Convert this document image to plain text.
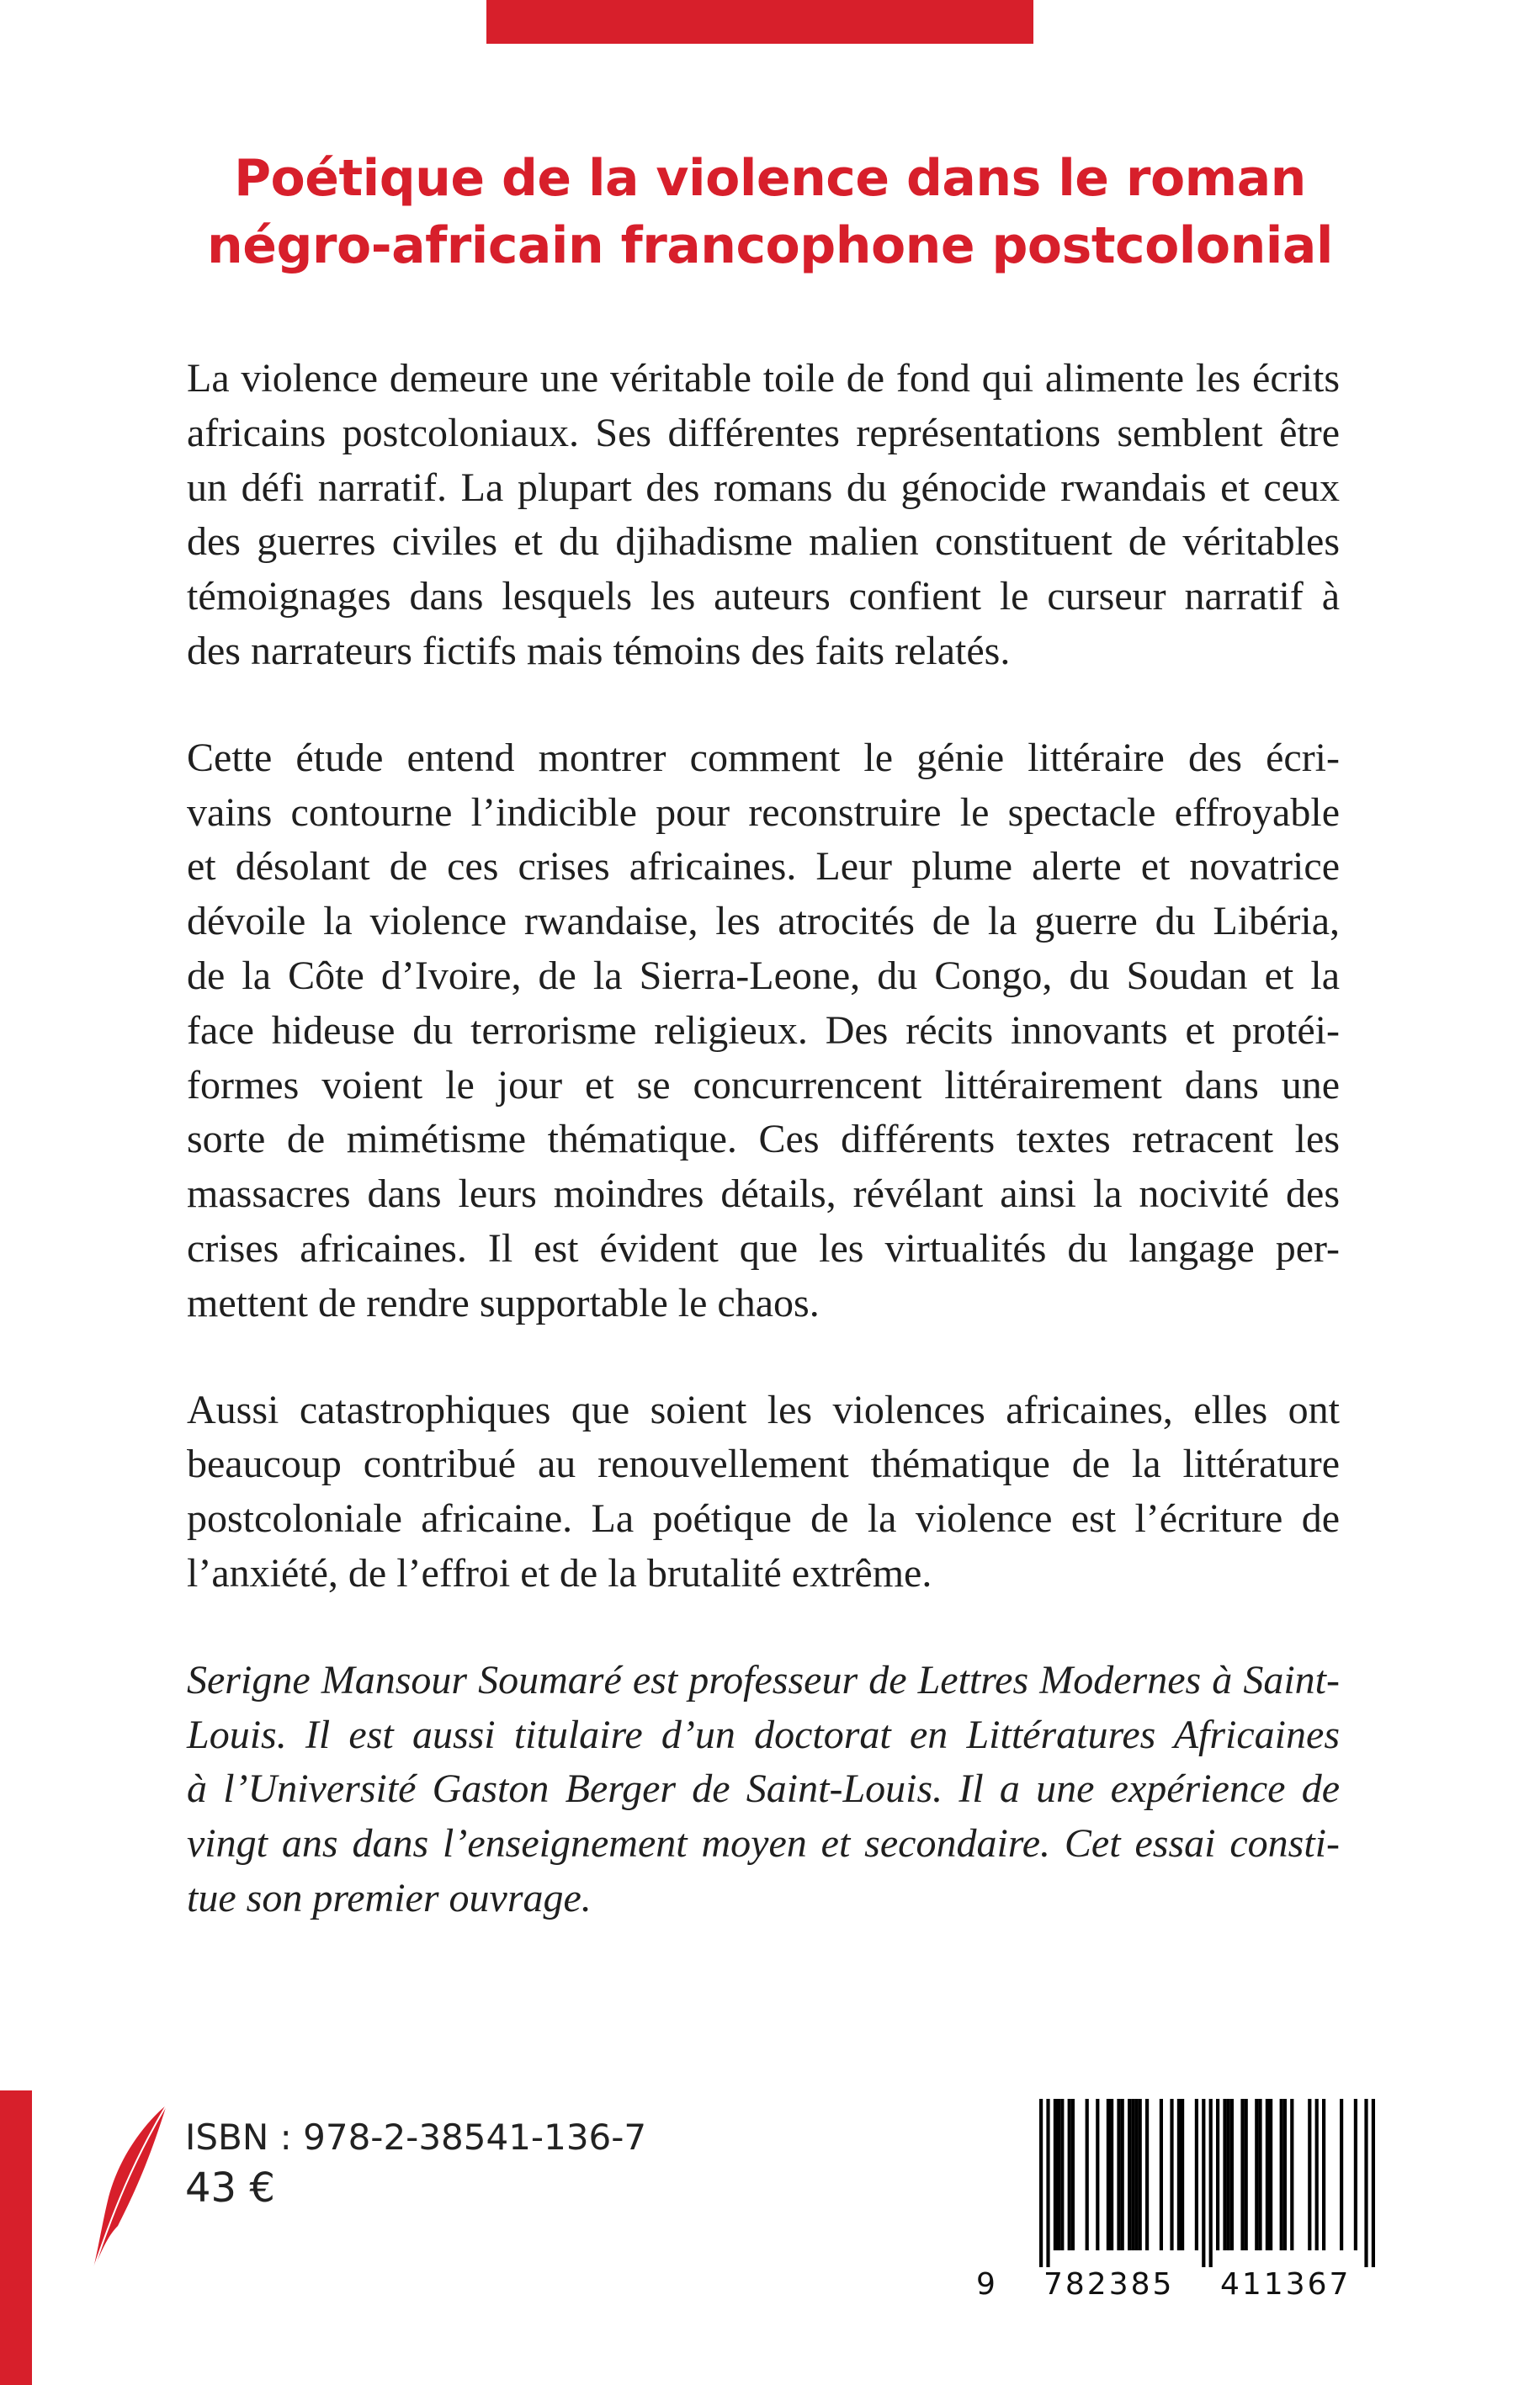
Poétique de la violence dans le roman
négro-africain francophone postcolonial
La violence demeure une véritable toile de fond qui alimente les écrits
africains postcoloniaux. Ses différentes représentations semblent être
un défi narratif. La plupart des romans du génocide rwandais et ceux
des guerres civiles et du djihadisme malien constituent de véritables
témoignages dans lesquels les auteurs confient le curseur narratif à
des narrateurs fictifs mais témoins des faits relatés.
Cette étude entend montrer comment le génie littéraire des écri-
vains contourne l’indicible pour reconstruire le spectacle effroyable
et désolant de ces crises africaines. Leur plume alerte et novatrice
dévoile la violence rwandaise, les atrocités de la guerre du Libéria,
de la Côte d’Ivoire, de la Sierra-Leone, du Congo, du Soudan et la
face hideuse du terrorisme religieux. Des récits innovants et protéi-
formes voient le jour et se concurrencent littérairement dans une
sorte de mimétisme thématique. Ces différents textes retracent les
massacres dans leurs moindres détails, révélant ainsi la nocivité des
crises africaines. Il est évident que les virtualités du langage per-
mettent de rendre supportable le chaos.
Aussi catastrophiques que soient les violences africaines, elles ont
beaucoup contribué au renouvellement thématique de la littérature
postcoloniale africaine. La poétique de la violence est l’écriture de
l’anxiété, de l’effroi et de la brutalité extrême.
Serigne Mansour Soumaré est professeur de Lettres Modernes à Saint-
Louis. Il est aussi titulaire d’un doctorat en Littératures Africaines
à l’Université Gaston Berger de Saint-Louis. Il a une expérience de
vingt ans dans l’enseignement moyen et secondaire. Cet essai consti-
tue son premier ouvrage.
ISBN : 978-2-38541-136-7
43 €
9 782385 411367
